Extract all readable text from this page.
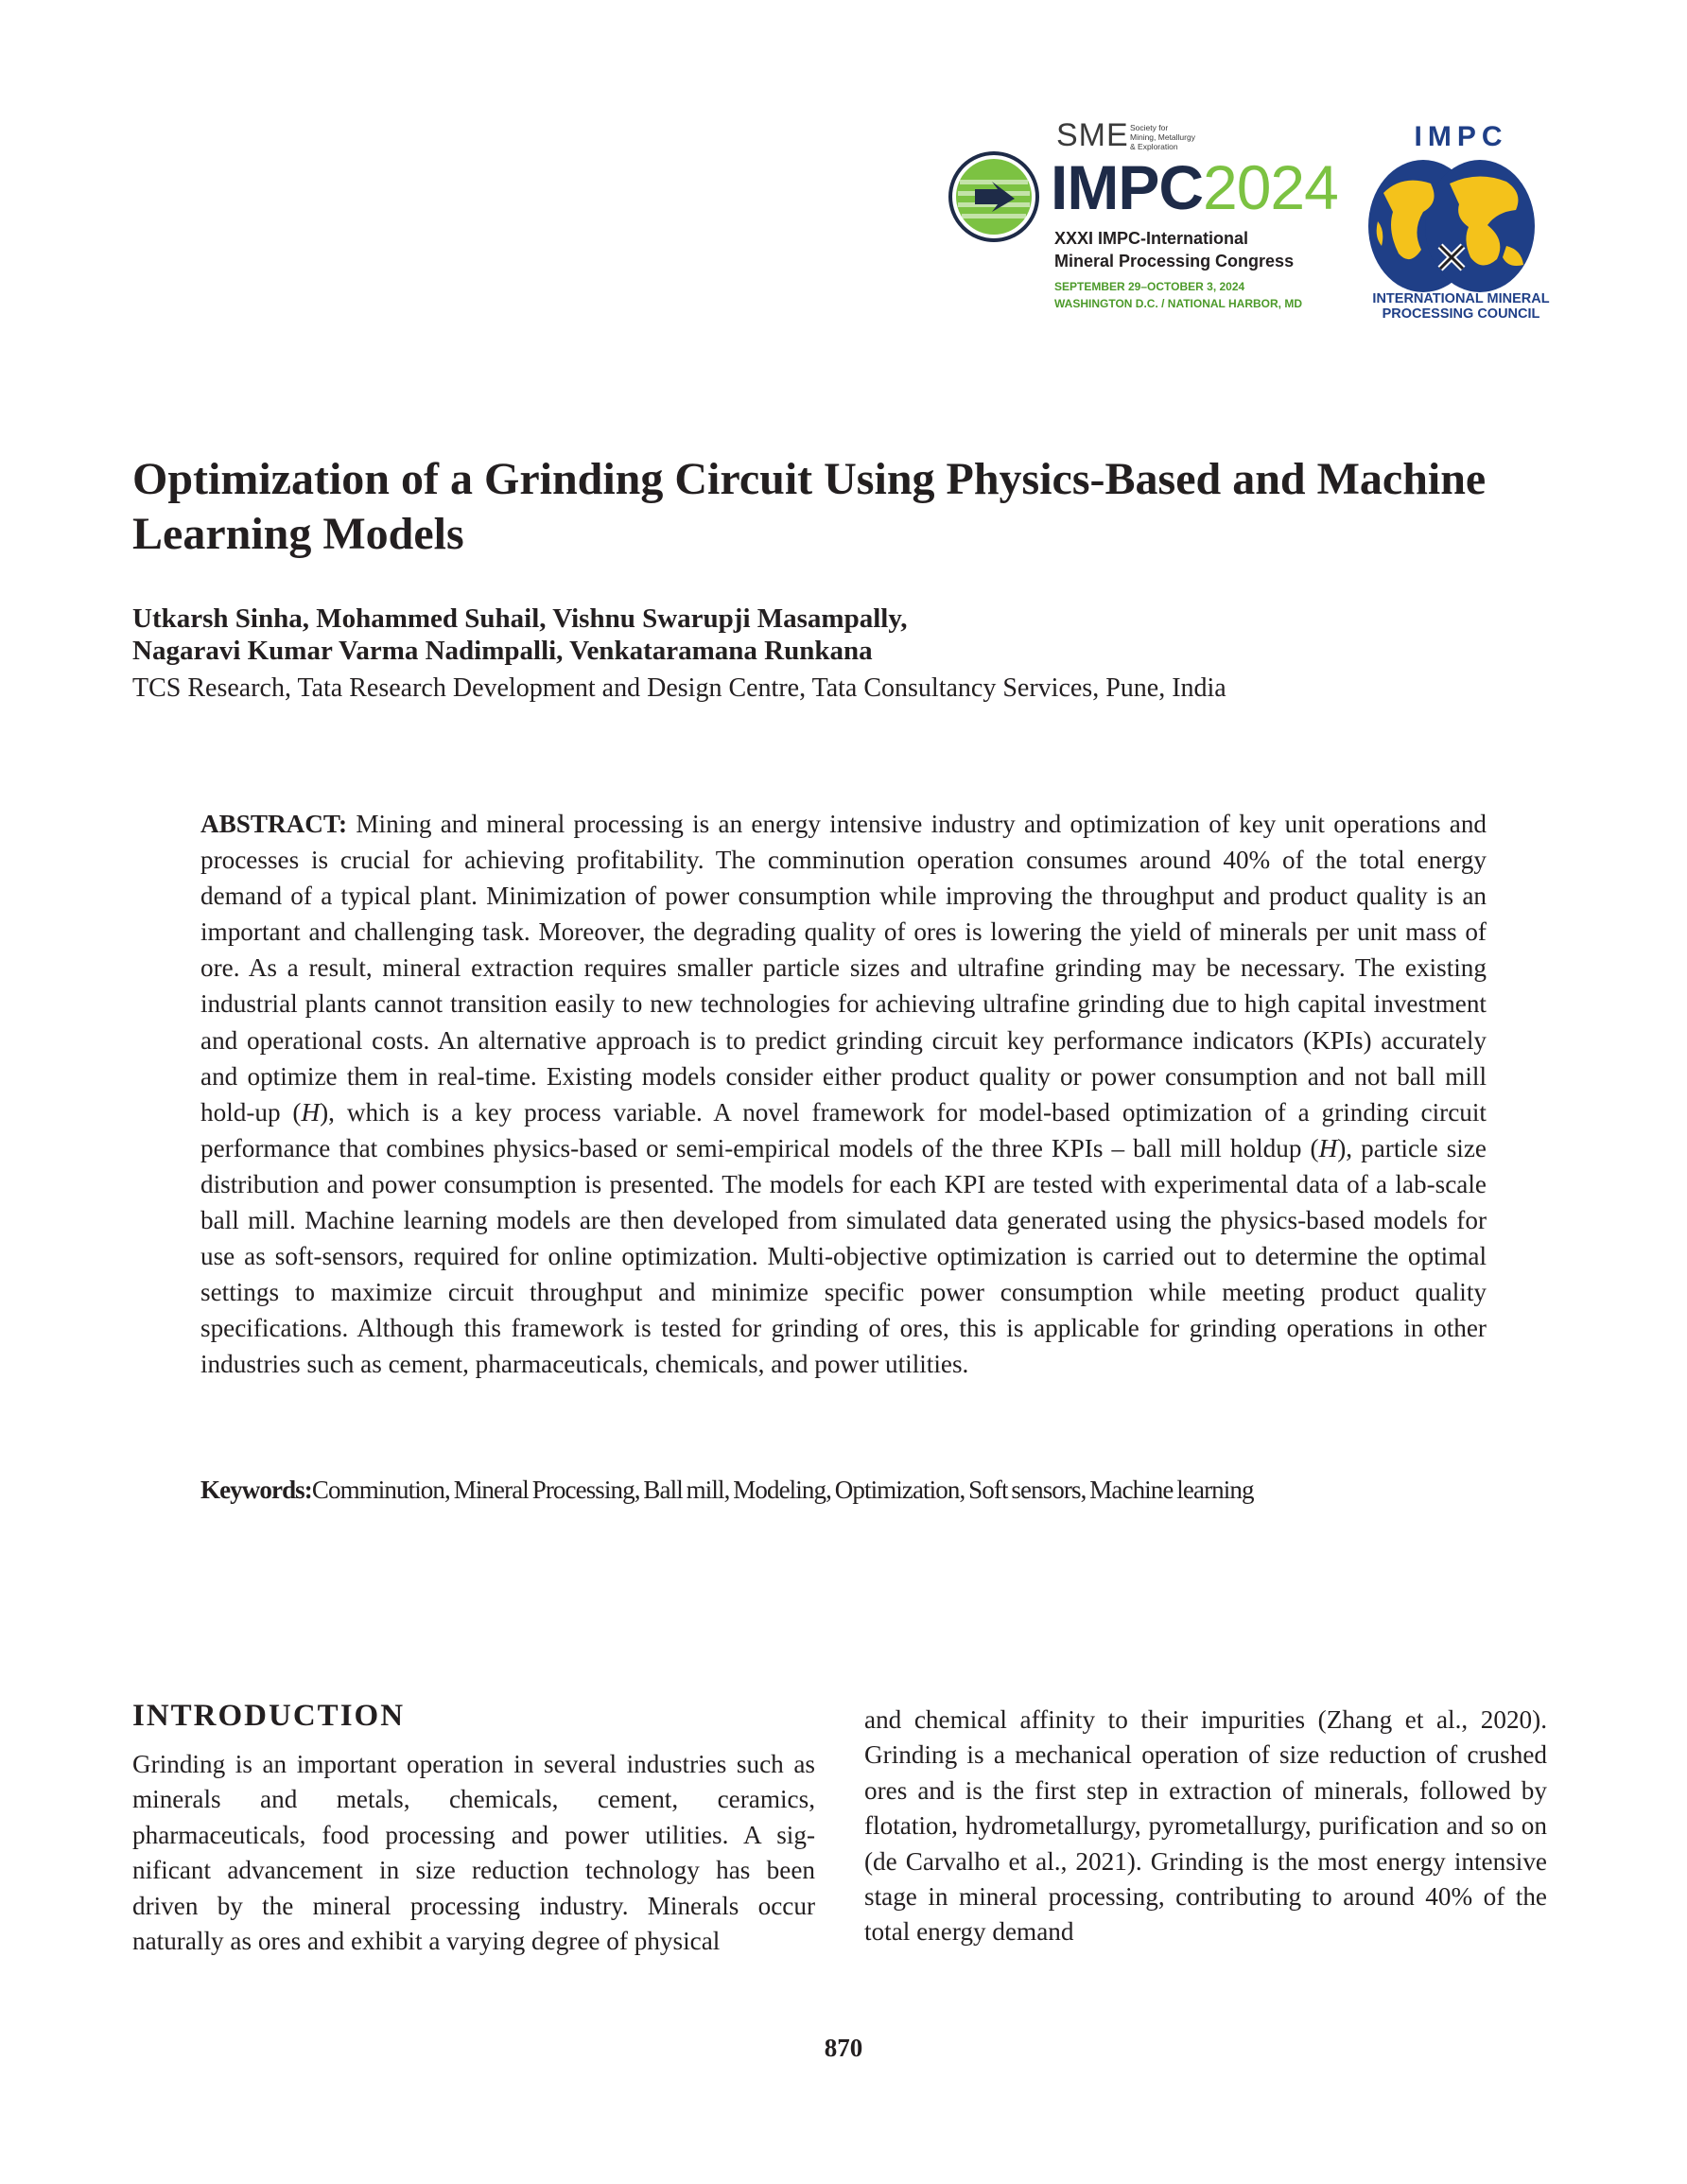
SME Society for
Mining, Metallurgy
& Exploration
IMPC2024
XXXI IMPC-International
Mineral Processing Congress
SEPTEMBER 29–OCTOBER 3, 2024
WASHINGTON D.C. / NATIONAL HARBOR, MD
IMPC
INTERNATIONAL MINERAL
PROCESSING COUNCIL
Optimization of a Grinding Circuit Using Physics-Based and Machine Learning Models
Utkarsh Sinha, Mohammed Suhail, Vishnu Swarupji Masampally,
Nagaravi Kumar Varma Nadimpalli, Venkataramana Runkana
TCS Research, Tata Research Development and Design Centre, Tata Consultancy Services, Pune, India
ABSTRACT: Mining and mineral processing is an energy intensive industry and optimization of key unit operations and processes is crucial for achieving profitability. The comminution operation consumes around 40% of the total energy demand of a typical plant. Minimization of power consumption while improving the throughput and product quality is an important and challenging task. Moreover, the degrading quality of ores is lowering the yield of minerals per unit mass of ore. As a result, mineral extraction requires smaller particle sizes and ultrafine grinding may be necessary. The existing industrial plants cannot transition easily to new technologies for achieving ultrafine grinding due to high capital investment and operational costs. An alternative approach is to predict grinding circuit key performance indicators (KPIs) accurately and optimize them in real-time. Existing models consider either product quality or power consumption and not ball mill hold-up (H), which is a key process variable. A novel framework for model-based optimization of a grinding circuit performance that combines physics-based or semi-empirical models of the three KPIs – ball mill holdup (H), particle size distribution and power consumption is presented. The models for each KPI are tested with experimental data of a lab-scale ball mill. Machine learning models are then developed from simulated data generated using the physics-based models for use as soft-sensors, required for online optimization. Multi-objective optimization is carried out to determine the optimal settings to maximize circuit throughput and minimize specific power consumption while meeting product quality specifications. Although this framework is tested for grinding of ores, this is applicable for grinding operations in other industries such as cement, pharmaceuticals, chemicals, and power utilities.
Keywords:Comminution, Mineral Processing, Ball mill, Modeling, Optimization, Soft sensors, Machine learning
INTRODUCTION
Grinding is an important operation in several industries such as minerals and metals, chemicals, cement, ceramics, pharmaceuticals, food processing and power utilities. A significant advancement in size reduction technology has been driven by the mineral processing industry. Minerals occur naturally as ores and exhibit a varying degree of physical
and chemical affinity to their impurities (Zhang et al., 2020). Grinding is a mechanical operation of size reduction of crushed ores and is the first step in extraction of minerals, followed by flotation, hydrometallurgy, pyrometallurgy, purification and so on (de Carvalho et al., 2021). Grinding is the most energy intensive stage in mineral processing, contributing to around 40% of the total energy demand
870
